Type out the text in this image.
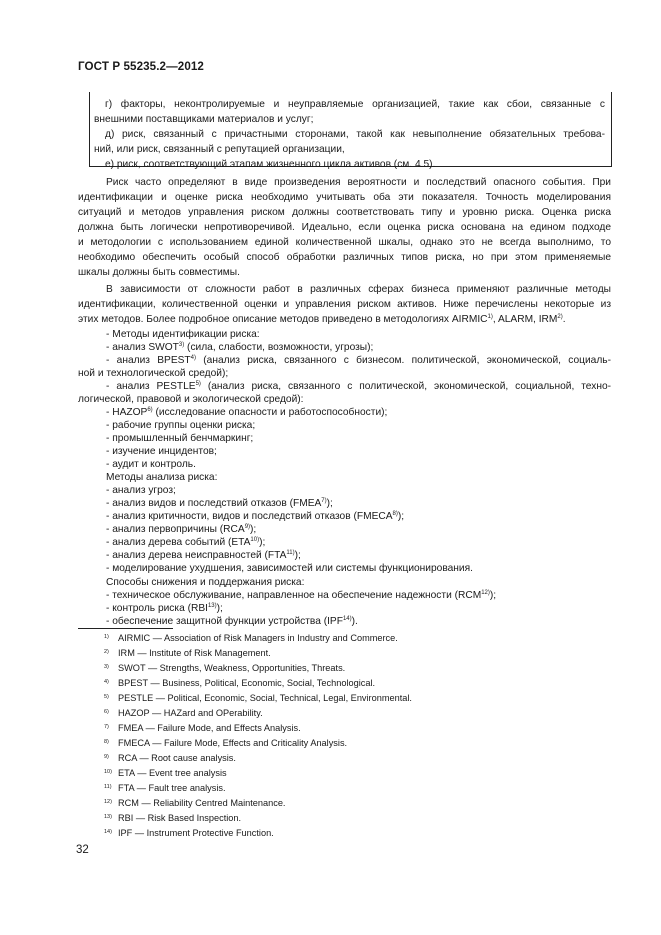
ГОСТ Р 55235.2—2012
г) факторы, неконтролируемые и неуправляемые организацией, такие как сбои, связанные с
внешними поставщиками материалов и услуг;
д) риск, связанный с причастными сторонами, такой как невыполнение обязательных требова-
ний, или риск, связанный с репутацией организации,
е) риск, соответствующий этапам жизненного цикла активов (см. 4.5).
Риск часто определяют в виде произведения вероятности и последствий опасного события. При
идентификации и оценке риска необходимо учитывать оба эти показателя. Точность моделирования
ситуаций и методов управления риском должны соответствовать типу и уровню риска. Оценка риска
должна быть логически непротиворечивой. Идеально, если оценка риска основана на едином подходе
и методологии с использованием единой количественной шкалы, однако это не всегда выполнимо, то
необходимо обеспечить особый способ обработки различных типов риска, но при этом применяемые
шкалы должны быть совместимы.
В зависимости от сложности работ в различных сферах бизнеса применяют различные методы
идентификации, количественной оценки и управления риском активов. Ниже перечислены некоторые из
этих методов. Более подробное описание методов приведено в методологиях AIRMIC$^{1)}$, ALARM, IRM$^{2)}$.
- Методы идентификации риска:
- анализ SWOT$^{3)}$ (сила, слабости, возможности, угрозы);
- анализ BPEST$^{4)}$ (анализ риска, связанного с бизнесом. политической, экономической, социаль-
ной и технологической средой);
- анализ PESTLE$^{5)}$ (анализ риска, связанного с политической, экономической, социальной, техно-
логической, правовой и экологической средой):
- HAZOP$^{6)}$ (исследование опасности и работоспособности);
- рабочие группы оценки риска;
- промышленный бенчмаркинг;
- изучение инцидентов;
- аудит и контроль.
Методы анализа риска:
- анализ угроз;
- анализ видов и последствий отказов (FMEA$^{7)}$);
- анализ критичности, видов и последствий отказов (FMECA$^{8)}$);
- анализ первопричины (RCA$^{9)}$);
- анализ дерева событий (ETA$^{10)}$);
- анализ дерева неисправностей (FTA$^{11)}$);
- моделирование ухудшения, зависимостей или системы функционирования.
Способы снижения и поддержания риска:
- техническое обслуживание, направленное на обеспечение надежности (RCM$^{12)}$);
- контроль риска (RBI$^{13)}$);
- обеспечение защитной функции устройства (IPF$^{14)}$).
1) AIRMIC — Association of Risk Managers in Industry and Commerce.
2) IRM — Institute of Risk Management.
3) SWOT — Strengths, Weakness, Opportunities, Threats.
4) BPEST — Business, Political, Economic, Social, Technological.
5) PESTLE — Political, Economic, Social, Technical, Legal, Environmental.
6) HAZOP — HAZard and OPerability.
7) FMEA — Failure Mode, and Effects Analysis.
8) FMECA — Failure Mode, Effects and Criticality Analysis.
9) RCA — Root cause analysis.
10) ETA — Event tree analysis
11) FTA — Fault tree analysis.
12) RCM — Reliability Centred Maintenance.
13) RBI — Risk Based Inspection.
14) IPF — Instrument Protective Function.
32
